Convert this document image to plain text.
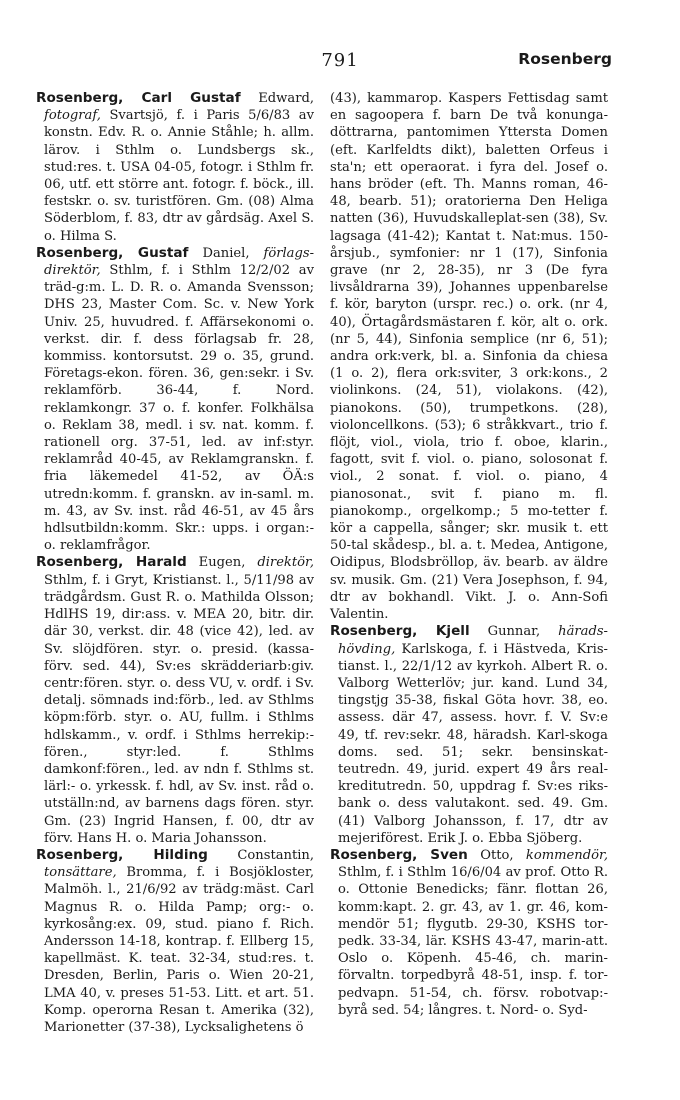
791	Rosenberg

Rosenberg, Carl Gustaf Edward, fotograf, Svartsjö, f. i Paris 5/6/83 av konstn. Edv. R. o. Annie Ståhle; h. allm. lärov. i Sthlm o. Lundsbergs sk., stud:res. t. USA 04-05, fotogr. i Sthlm fr. 06, utf. ett större ant. fotogr. f. böck., ill. festskr. o. sv. turistfören. Gm. (08) Alma Söderblom, f. 83, dtr av gårdsäg. Axel S. o. Hilma S.

Rosenberg, Gustaf Daniel, förlags-direktör, Sthlm, f. i Sthlm 12/2/02 av träd-g:m. L. D. R. o. Amanda Svensson; DHS 23, Master Com. Sc. v. New York Univ. 25, huvudred. f. Affärsekonomi o. verkst. dir. f. dess förlagsab fr. 28, kommiss. kontorsutst. 29 o. 35, grund. Företags-ekon. fören. 36, gen:sekr. i Sv. reklamförb. 36-44, f. Nord. reklamkongr. 37 o. f. konfer. Folkhälsa o. Reklam 38, medl. i sv. nat. komm. f. rationell org. 37-51, led. av inf:styr. reklamråd 40-45, av Reklamgranskn. f. fria läkemedel 41-52, av ÖÄ:s utredn:komm. f. granskn. av in-saml. m. m. 43, av Sv. inst. råd 46-51, av 45 års hdlsutbildn:komm. Skr.: upps. i organ:- o. reklamfrågor.

Rosenberg, Harald Eugen, direktör, Sthlm, f. i Gryt, Kristianst. l., 5/11/98 av trädgårdsm. Gust R. o. Mathilda Olsson; HdlHS 19, dir:ass. v. MEA 20, bitr. dir. där 30, verkst. dir. 48 (vice 42), led. av Sv. slöjdfören. styr. o. presid. (kassa-förv. sed. 44), Sv:es skrädderiarb:giv. centr:fören. styr. o. dess VU, v. ordf. i Sv. detalj. sömnads ind:förb., led. av Sthlms köpm:förb. styr. o. AU, fullm. i Sthlms hdlskamm., v. ordf. i Sthlms herrekip:-fören., styr:led. f. Sthlms damkonf:fören., led. av ndn f. Sthlms st. lärl:- o. yrkessk. f. hdl, av Sv. inst. råd o. utställn:nd, av barnens dags fören. styr. Gm. (23) Ingrid Hansen, f. 00, dtr av förv. Hans H. o. Maria Johansson.

Rosenberg, Hilding Constantin, tonsättare, Bromma, f. i Bosjökloster, Malmöh. l., 21/6/92 av trädg:mäst. Carl Magnus R. o. Hilda Pamp; org:- o. kyrkosång:ex. 09, stud. piano f. Rich. Andersson 14-18, kontrap. f. Ellberg 15, kapellmäst. K. teat. 32-34, stud:res. t. Dresden, Berlin, Paris o. Wien 20-21, LMA 40, v. preses 51-53. Litt. et art. 51. Komp. operorna Resan t. Amerika (32), Marionetter (37-38), Lycksalighetens ö

(43), kammarop. Kaspers Fettisdag samt en sagoopera f. barn De två konunga-döttrarna, pantomimen Yttersta Domen (eft. Karlfeldts dikt), baletten Orfeus i sta'n; ett operaorat. i fyra del. Josef o. hans bröder (eft. Th. Manns roman, 46-48, bearb. 51); oratorierna Den Heliga natten (36), Huvudskalleplat-sen (38), Sv. lagsaga (41-42); Kantat t. Nat:mus. 150-årsjub., symfonier: nr 1 (17), Sinfonia grave (nr 2, 28-35), nr 3 (De fyra livsåldrarna 39), Johannes uppenbarelse f. kör, baryton (urspr. rec.) o. ork. (nr 4, 40), Örtagårdsmästaren f. kör, alt o. ork. (nr 5, 44), Sinfonia semplice (nr 6, 51); andra ork:verk, bl. a. Sinfonia da chiesa (1 o. 2), flera ork:sviter, 3 ork:kons., 2 violinkons. (24, 51), violakons. (42), pianokons. (50), trumpetkons. (28), violoncellkons. (53); 6 stråkkvart., trio f. flöjt, viol., viola, trio f. oboe, klarin., fagott, svit f. viol. o. piano, solosonat f. viol., 2 sonat. f. viol. o. piano, 4 pianosonat., svit f. piano m. fl. pianokomp., orgelkomp.; 5 mo-tetter f. kör a cappella, sånger; skr. musik t. ett 50-tal skådesp., bl. a. t. Medea, Antigone, Oidipus, Blodsbröllop, äv. bearb. av äldre sv. musik. Gm. (21) Vera Josephson, f. 94, dtr av bokhandl. Vikt. J. o. Ann-Sofi Valentin.

Rosenberg, Kjell Gunnar, härads-hövding, Karlskoga, f. i Hästveda, Kris-tianst. l., 22/1/12 av kyrkoh. Albert R. o. Valborg Wetterlöv; jur. kand. Lund 34, tingstjg 35-38, fiskal Göta hovr. 38, eo. assess. där 47, assess. hovr. f. V. Sv:e 49, tf. rev:sekr. 48, häradsh. Karl-skoga doms. sed. 51; sekr. bensinskat-teutredn. 49, jurid. expert 49 års real-kreditutredn. 50, uppdrag f. Sv:es riks-bank o. dess valutakont. sed. 49. Gm. (41) Valborg Johansson, f. 17, dtr av mejeriförest. Erik J. o. Ebba Sjöberg.

Rosenberg, Sven Otto, kommendör, Sthlm, f. i Sthlm 16/6/04 av prof. Otto R. o. Ottonie Benedicks; fänr. flottan 26, komm:kapt. 2. gr. 43, av 1. gr. 46, kom-mendör 51; flygutb. 29-30, KSHS tor-pedk. 33-34, lär. KSHS 43-47, marin-att. Oslo o. Köpenh. 45-46, ch. marin-förvaltn. torpedbyrå 48-51, insp. f. tor-pedvapn. 51-54, ch. försv. robotvap:-byrå sed. 54; långres. t. Nord- o. Syd-
